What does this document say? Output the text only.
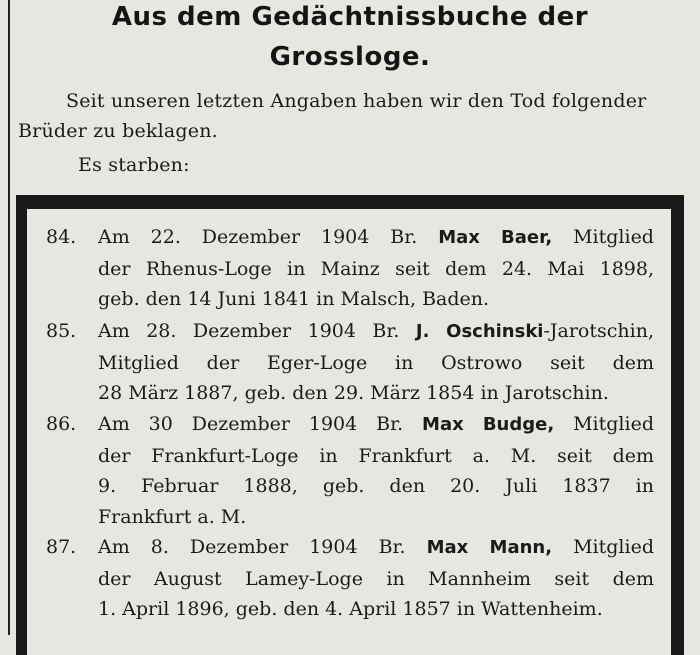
Aus dem Gedächtnissbuche der
Grossloge.
Seit unseren letzten Angaben haben wir den Tod folgender
Brüder zu beklagen.
Es starben:
84. Am 22. Dezember 1904 Br. Max Baer, Mitglied
der Rhenus-Loge in Mainz seit dem 24. Mai 1898,
geb. den 14 Juni 1841 in Malsch, Baden.
85. Am 28. Dezember 1904 Br. J. Oschinski-Jarotschin,
Mitglied der Eger-Loge in Ostrowo seit dem
28 März 1887, geb. den 29. März 1854 in Jarotschin.
86. Am 30 Dezember 1904 Br. Max Budge, Mitglied
der Frankfurt-Loge in Frankfurt a. M. seit dem
9. Februar 1888, geb. den 20. Juli 1837 in
Frankfurt a. M.
87. Am 8. Dezember 1904 Br. Max Mann, Mitglied
der August Lamey-Loge in Mannheim seit dem
1. April 1896, geb. den 4. April 1857 in Wattenheim.
